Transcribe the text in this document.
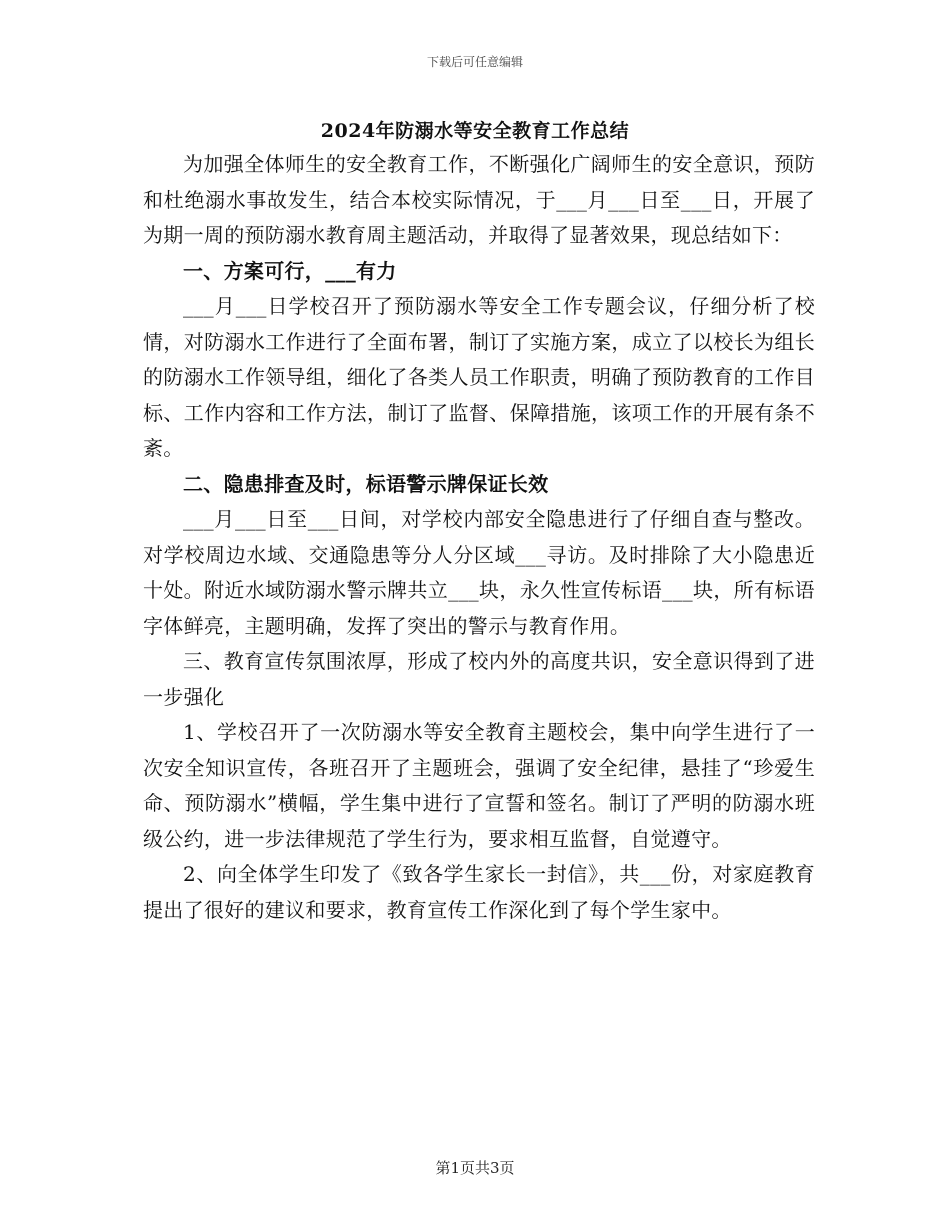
下载后可任意编辑
2024年防溺水等安全教育工作总结

为加强全体师生的安全教育工作，不断强化广阔师生的安全意识，预防和杜绝溺水事故发生，结合本校实际情况，于___月___日至___日，开展了为期一周的预防溺水教育周主题活动，并取得了显著效果，现总结如下：

一、方案可行，___有力

___月___日学校召开了预防溺水等安全工作专题会议，仔细分析了校情，对防溺水工作进行了全面布署，制订了实施方案，成立了以校长为组长的防溺水工作领导组，细化了各类人员工作职责，明确了预防教育的工作目标、工作内容和工作方法，制订了监督、保障措施，该项工作的开展有条不紊。

二、隐患排查及时，标语警示牌保证长效

___月___日至___日间，对学校内部安全隐患进行了仔细自查与整改。对学校周边水域、交通隐患等分人分区域___寻访。及时排除了大小隐患近十处。附近水域防溺水警示牌共立___块，永久性宣传标语___块，所有标语字体鲜亮，主题明确，发挥了突出的警示与教育作用。

三、教育宣传氛围浓厚，形成了校内外的高度共识，安全意识得到了进一步强化

1、学校召开了一次防溺水等安全教育主题校会，集中向学生进行了一次安全知识宣传，各班召开了主题班会，强调了安全纪律，悬挂了“珍爱生命、预防溺水”横幅，学生集中进行了宣誓和签名。制订了严明的防溺水班级公约，进一步法律规范了学生行为，要求相互监督，自觉遵守。

2、向全体学生印发了《致各学生家长一封信》，共___份，对家庭教育提出了很好的建议和要求，教育宣传工作深化到了每个学生家中。

第1页共3页
